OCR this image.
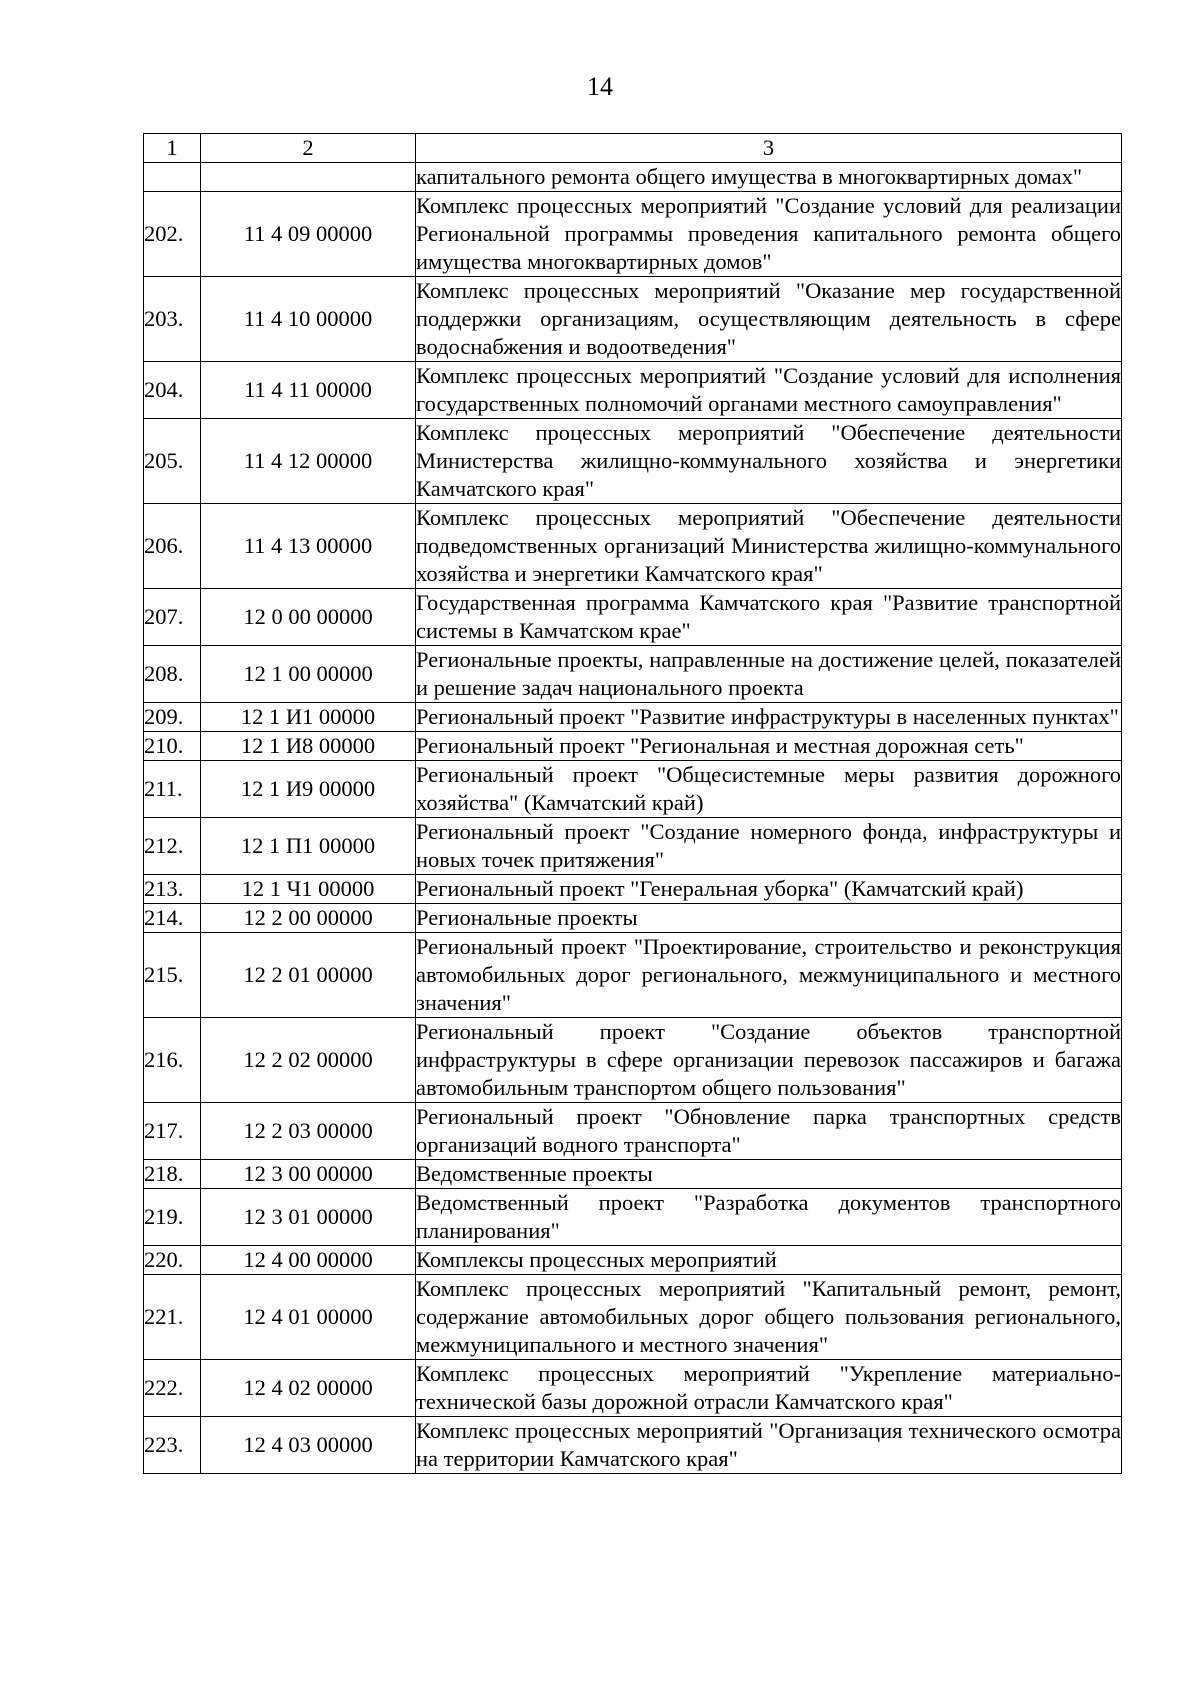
14
1	2	3
		капитального ремонта общего имущества в многоквартирных домах"
202.	11 4 09 00000	Комплекс процессных мероприятий "Создание условий для реализации Региональной программы проведения капитального ремонта общего имущества многоквартирных домов"
203.	11 4 10 00000	Комплекс процессных мероприятий "Оказание мер государственной поддержки организациям, осуществляющим деятельность в сфере водоснабжения и водоотведения"
204.	11 4 11 00000	Комплекс процессных мероприятий "Создание условий для исполнения государственных полномочий органами местного самоуправления"
205.	11 4 12 00000	Комплекс процессных мероприятий "Обеспечение деятельности Министерства жилищно-коммунального хозяйства и энергетики Камчатского края"
206.	11 4 13 00000	Комплекс процессных мероприятий "Обеспечение деятельности подведомственных организаций Министерства жилищно-коммунального хозяйства и энергетики Камчатского края"
207.	12 0 00 00000	Государственная программа Камчатского края "Развитие транспортной системы в Камчатском крае"
208.	12 1 00 00000	Региональные проекты, направленные на достижение целей, показателей и решение задач национального проекта
209.	12 1 И1 00000	Региональный проект "Развитие инфраструктуры в населенных пунктах"
210.	12 1 И8 00000	Региональный проект "Региональная и местная дорожная сеть"
211.	12 1 И9 00000	Региональный проект "Общесистемные меры развития дорожного хозяйства" (Камчатский край)
212.	12 1 П1 00000	Региональный проект "Создание номерного фонда, инфраструктуры и новых точек притяжения"
213.	12 1 Ч1 00000	Региональный проект "Генеральная уборка" (Камчатский край)
214.	12 2 00 00000	Региональные проекты
215.	12 2 01 00000	Региональный проект "Проектирование, строительство и реконструкция автомобильных дорог регионального, межмуниципального и местного значения"
216.	12 2 02 00000	Региональный проект "Создание объектов транспортной инфраструктуры в сфере организации перевозок пассажиров и багажа автомобильным транспортом общего пользования"
217.	12 2 03 00000	Региональный проект "Обновление парка транспортных средств организаций водного транспорта"
218.	12 3 00 00000	Ведомственные проекты
219.	12 3 01 00000	Ведомственный проект "Разработка документов транспортного планирования"
220.	12 4 00 00000	Комплексы процессных мероприятий
221.	12 4 01 00000	Комплекс процессных мероприятий "Капитальный ремонт, ремонт, содержание автомобильных дорог общего пользования регионального, межмуниципального и местного значения"
222.	12 4 02 00000	Комплекс процессных мероприятий "Укрепление материально-технической базы дорожной отрасли Камчатского края"
223.	12 4 03 00000	Комплекс процессных мероприятий "Организация технического осмотра на территории Камчатского края"
